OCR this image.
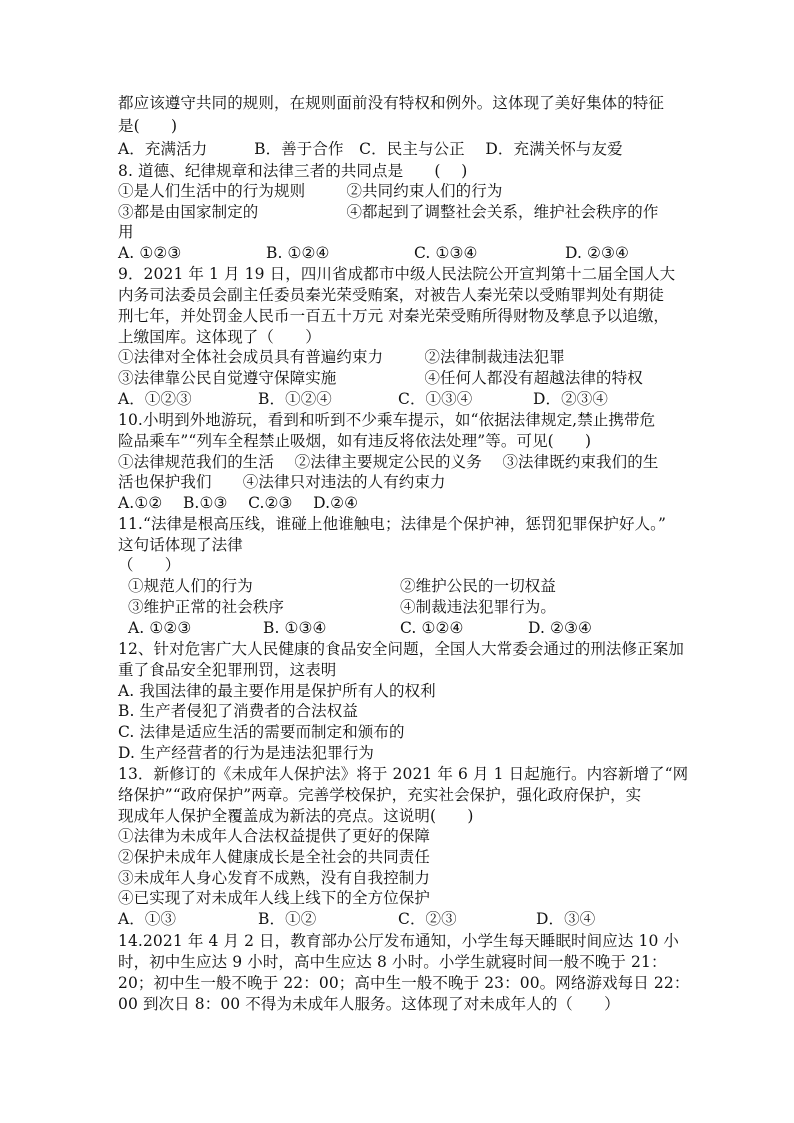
都应该遵守共同的规则，在规则面前没有特权和例外。这体现了美好集体的特征
是(　　)
A．充满活力　　　B．善于合作　C．民主与公正　 D．充满关怀与友爱
8. 道德、纪律规章和法律三者的共同点是　　(　 )
①是人们生活中的行为规则　　  ②共同约束人们的行为
③都是由国家制定的　　　　　  ④都起到了调整社会关系，维护社会秩序的作
用

A. ①②③

	B. ①②④

	C. ①③④

	D. ②③④

9．2021 年 1 月 19 日，四川省成都市中级人民法院公开宣判第十二届全国人大
内务司法委员会副主任委员秦光荣受贿案，对被告人秦光荣以受贿罪判处有期徒
刑七年，并处罚金人民币一百五十万元 对秦光荣受贿所得财物及孳息予以追缴，
上缴国库。这体现了（　　）
①法律对全体社会成员具有普遍约束力　　  ②法律制裁违法犯罪
③法律靠公民自觉遵守保障实施　　　　　  ④任何人都没有超越法律的特权

A．①②③

	B．①②④

	C．①③④

	D．②③④

10.小明到外地游玩，看到和听到不少乘车提示，如“依据法律规定,禁止携带危
险品乘车”“列车全程禁止吸烟，如有违反将依法处理”等。可见(　　)
①法律规范我们的生活　 ②法律主要规定公民的义务　 ③法律既约束我们的生
活也保护我们　　④法律只对违法的人有约束力
A.①②　 B.①③　 C.②③　 D.②④
11.“法律是根高压线，谁碰上他谁触电；法律是个保护神，惩罚犯罪保护好人。”
这句话体现了法律
（　　）

①规范人们的行为

	②维护公民的一切权益

③维护正常的社会秩序

	④制裁违法犯罪行为。

A. ①②③

	B. ①③④

	C. ①②④

	D. ②③④

12、针对危害广大人民健康的食品安全问题，全国人大常委会通过的刑法修正案加
重了食品安全犯罪刑罚，这表明
A. 我国法律的最主要作用是保护所有人的权利
B. 生产者侵犯了消费者的合法权益
C. 法律是适应生活的需要而制定和颁布的
D. 生产经营者的行为是违法犯罪行为
13．新修订的《未成年人保护法》将于 2021 年 6 月 1 日起施行。内容新增了“网
络保护”“政府保护”两章。完善学校保护，充实社会保护，强化政府保护，实
现成年人保护全覆盖成为新法的亮点。这说明(　　)
①法律为未成年人合法权益提供了更好的保障
②保护未成年人健康成长是全社会的共同责任
③未成年人身心发育不成熟，没有自我控制力
④已实现了对未成年人线上线下的全方位保护

A．①③

	B．①②

	C．②③

	D．③④

14.2021 年 4 月 2 日，教育部办公厅发布通知，小学生每天睡眠时间应达 10 小
时，初中生应达 9 小时，高中生应达 8 小时。小学生就寝时间一般不晚于 21：
20；初中生一般不晚于 22：00；高中生一般不晚于 23：00。网络游戏每日 22：
00 到次日 8：00 不得为未成年人服务。这体现了对未成年人的（　　）
